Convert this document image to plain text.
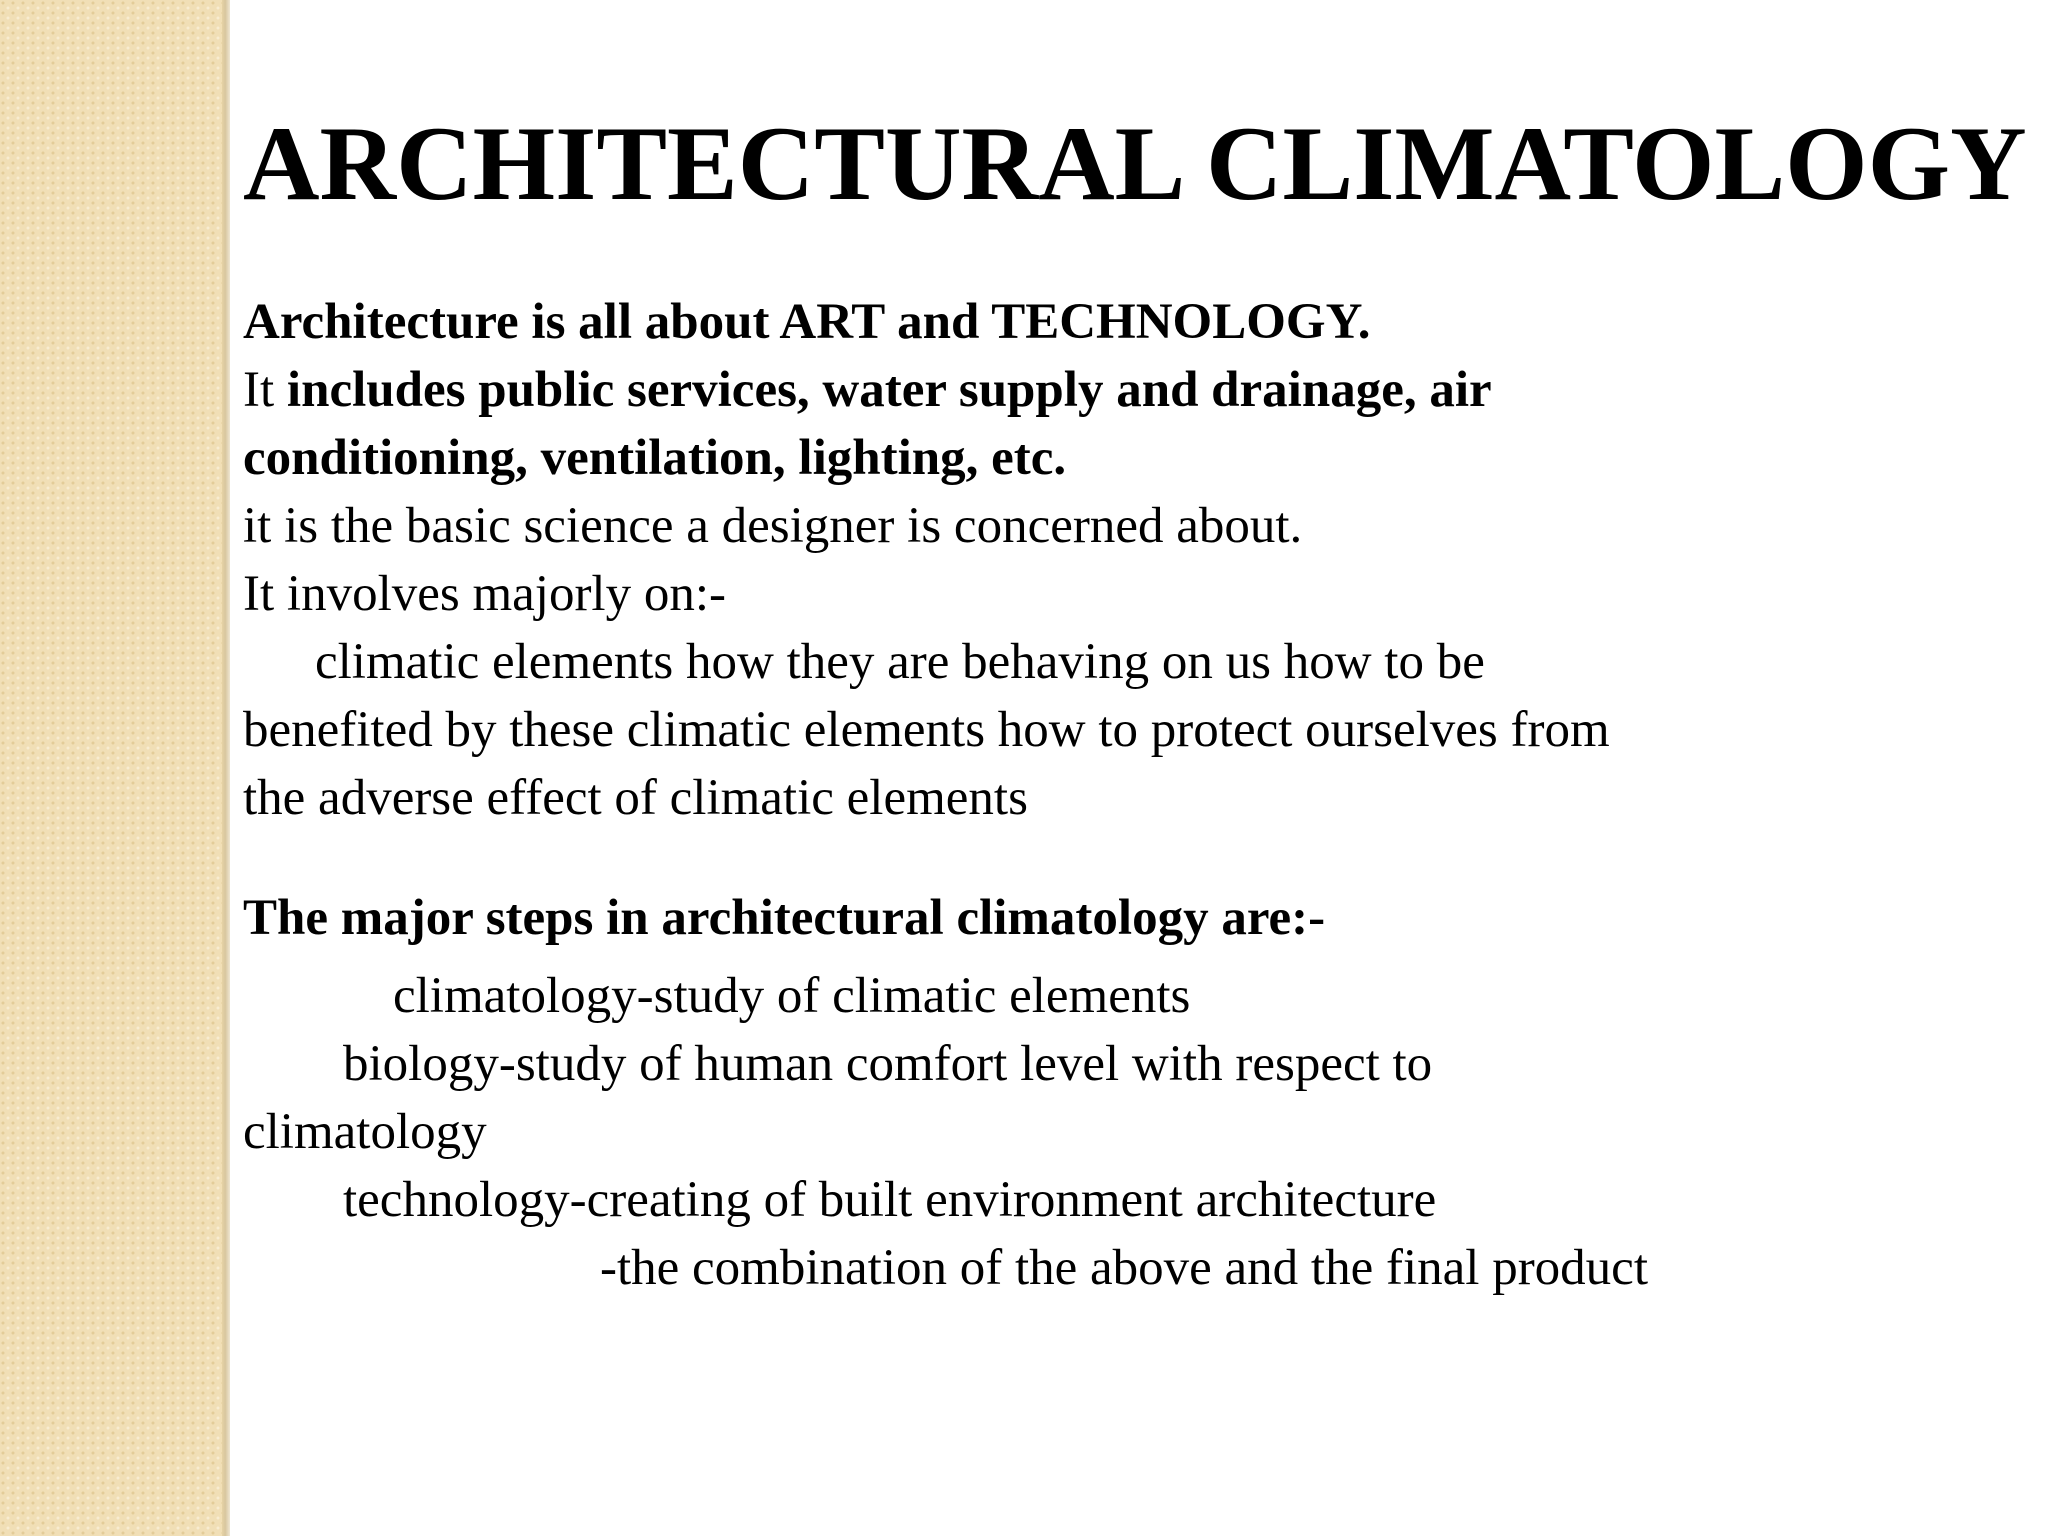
ARCHITECTURAL CLIMATOLOGY
Architecture is all about ART and TECHNOLOGY.
It includes public services, water supply and drainage, air
conditioning, ventilation, lighting, etc.
it is the basic science a designer is concerned about.
It involves majorly on:-
climatic elements how they are behaving on us how to be
benefited by these climatic elements how to protect ourselves from
the adverse effect of climatic elements
The major steps in architectural climatology are:-
climatology-study of climatic elements
biology-study of human comfort level with respect to
climatology
technology-creating of built environment architecture
-the combination of the above and the final product
